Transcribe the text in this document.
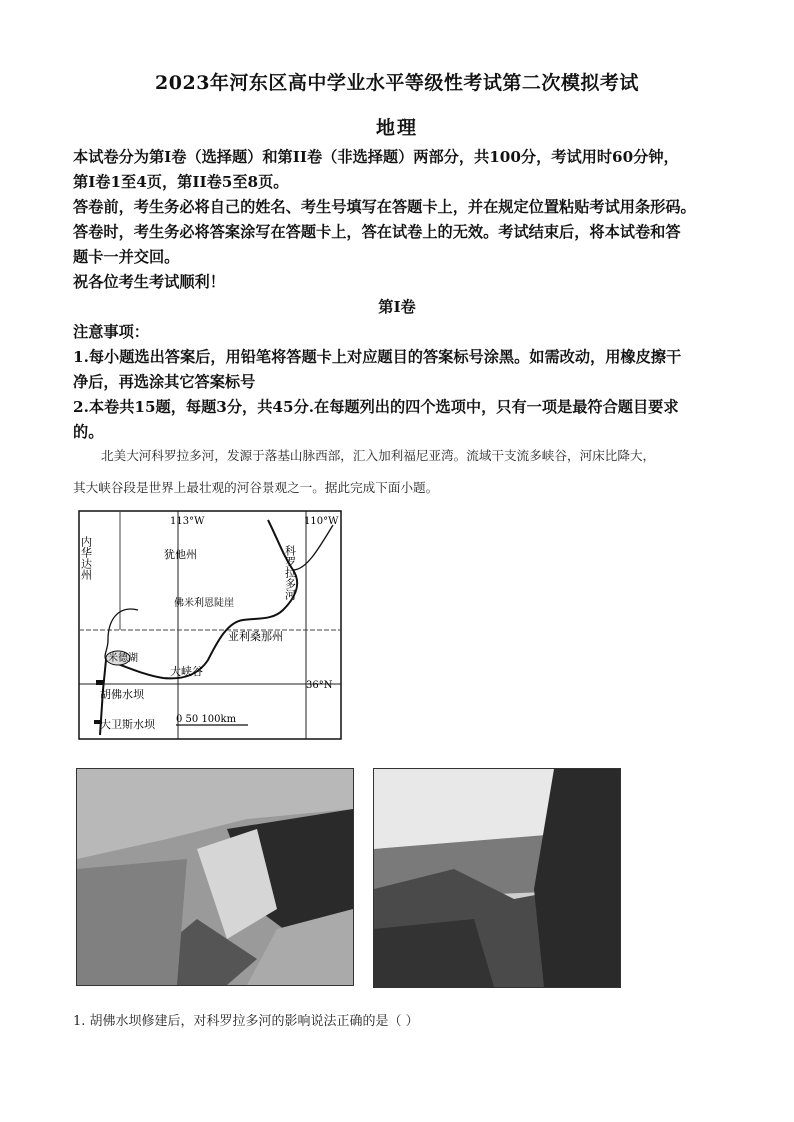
2023年河东区高中学业水平等级性考试第二次模拟考试
地理
本试卷分为第Ⅰ卷（选择题）和第II卷（非选择题）两部分，共100分，考试用时60分钟，
第Ⅰ卷1至4页，第II卷5至8页。
答卷前，考生务必将自己的姓名、考生号填写在答题卡上，并在规定位置粘贴考试用条形码。
答卷时，考生务必将答案涂写在答题卡上，答在试卷上的无效。考试结束后，将本试卷和答
题卡一并交回。
祝各位考生考试顺利！
第Ⅰ卷
注意事项：
1.每小题选出答案后，用铅笔将答题卡上对应题目的答案标号涂黑。如需改动，用橡皮擦干
净后，再选涂其它答案标号
2.本卷共15题，每题3分，共45分.在每题列出的四个选项中，只有一项是最符合题目要求
的。
北美大河科罗拉多河，发源于落基山脉西部，汇入加利福尼亚湾。流域干支流多峡谷，河床比降大，
其大峡谷段是世界上最壮观的河谷景观之一。据此完成下面小题。
113°W	110°W
36°N
犹他州
内华达州
亚利桑那州
科罗拉多河
佛米利恩陡崖
米德湖
大峡谷
胡佛水坝
大卫斯水坝 0 50 100km
1. 胡佛水坝修建后，对科罗拉多河的影响说法正确的是（ ）
